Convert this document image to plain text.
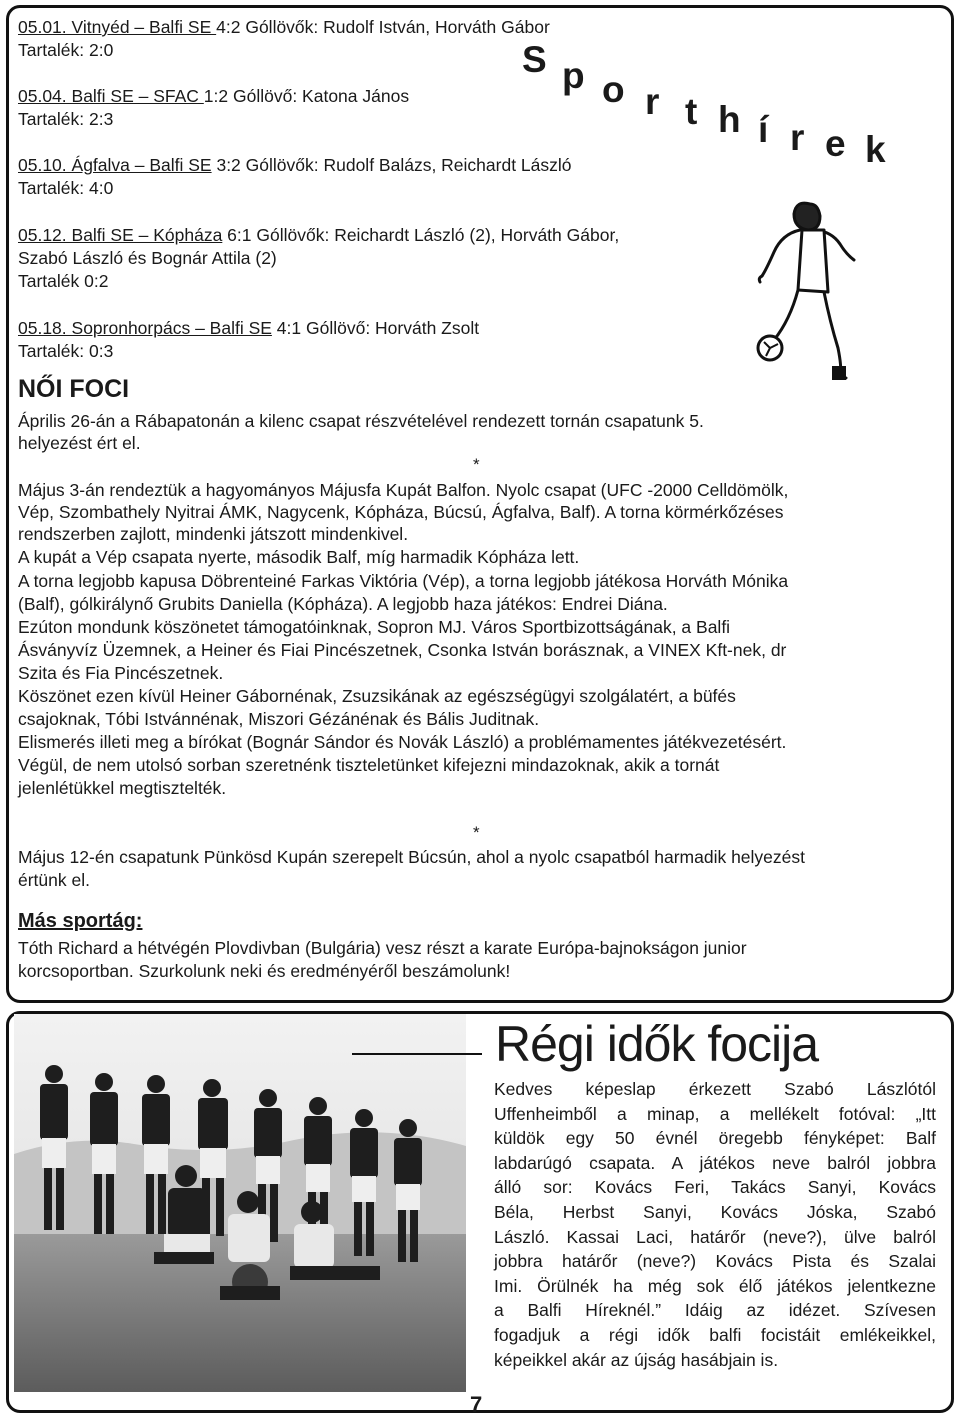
05.01. Vitnyéd – Balfi SE 4:2 Góllövők: Rudolf István, Horváth Gábor
Tartalék: 2:0
05.04. Balfi SE – SFAC 1:2 Góllövő: Katona János
Tartalék: 2:3
05.10. Ágfalva – Balfi SE 3:2 Góllövők: Rudolf Balázs, Reichardt László
Tartalék: 4:0
05.12. Balfi SE – Kópháza 6:1 Góllövők: Reichardt László (2), Horváth Gábor,
Szabó László és Bognár Attila (2)
Tartalék 0:2
05.18. Sopronhorpács – Balfi SE 4:1 Góllövő: Horváth Zsolt
Tartalék: 0:3
S p o r t h í r e k
NŐI FOCI
Április 26-án a Rábapatonán a kilenc csapat részvételével rendezett tornán csapatunk 5.
helyezést ért el.
*
Május 3-án rendeztük a hagyományos Májusfa Kupát Balfon. Nyolc csapat (UFC -2000 Celldömölk,
Vép, Szombathely Nyitrai ÁMK, Nagycenk, Kópháza, Búcsú, Ágfalva, Balf). A torna körmérkőzéses
rendszerben zajlott, mindenki játszott mindenkivel.
A kupát a Vép csapata nyerte, második Balf, míg harmadik Kópháza lett.
A torna legjobb kapusa Döbrenteiné Farkas Viktória (Vép), a torna legjobb játékosa Horváth Mónika
(Balf), gólkirálynő Grubits Daniella (Kópháza). A legjobb haza játékos: Endrei Diána.
Ezúton mondunk köszönetet támogatóinknak, Sopron MJ. Város Sportbizottságának, a Balfi
Ásványvíz Üzemnek, a Heiner és Fiai Pincészetnek, Csonka István borásznak, a VINEX Kft-nek, dr
Szita és Fia Pincészetnek.
Köszönet ezen kívül Heiner Gábornénak, Zsuzsikának az egészségügyi szolgálatért, a büfés
csajoknak, Tóbi Istvánnénak, Miszori Gézánénak és Bális Juditnak.
Elismerés illeti meg a bírókat (Bognár Sándor és Novák László) a problémamentes játékvezetésért.
Végül, de nem utolsó sorban szeretnénk tiszteletünket kifejezni mindazoknak, akik a tornát
jelenlétükkel megtisztelték.
*
Május 12-én csapatunk Pünkösd Kupán szerepelt Búcsún, ahol a nyolc csapatból harmadik helyezést
értünk el.
Más sportág:
Tóth Richard a hétvégén Plovdivban (Bulgária) vesz részt a karate Európa-bajnokságon junior
korcsoportban. Szurkolunk neki és eredményéről beszámolunk!
Régi idők focija
Kedves képeslap érkezett Szabó Lászlótól
Uffenheimből a minap, a mellékelt fotóval: „Itt
küldök egy 50 évnél öregebb fényképet: Balf
labdarúgó csapata. A játékos neve balról jobbra
álló sor: Kovács Feri, Takács Sanyi, Kovács
Béla, Herbst Sanyi, Kovács Jóska, Szabó
László. Kassai Laci, határőr (neve?), ülve balról
jobbra határőr (neve?) Kovács Pista és Szalai
Imi. Örülnék ha még sok élő játékos jelentkezne
a Balfi Híreknél.” Idáig az idézet. Szívesen
fogadjuk a régi idők balfi focistáit emlékeikkel,
képeikkel akár az újság hasábjain is.
7
